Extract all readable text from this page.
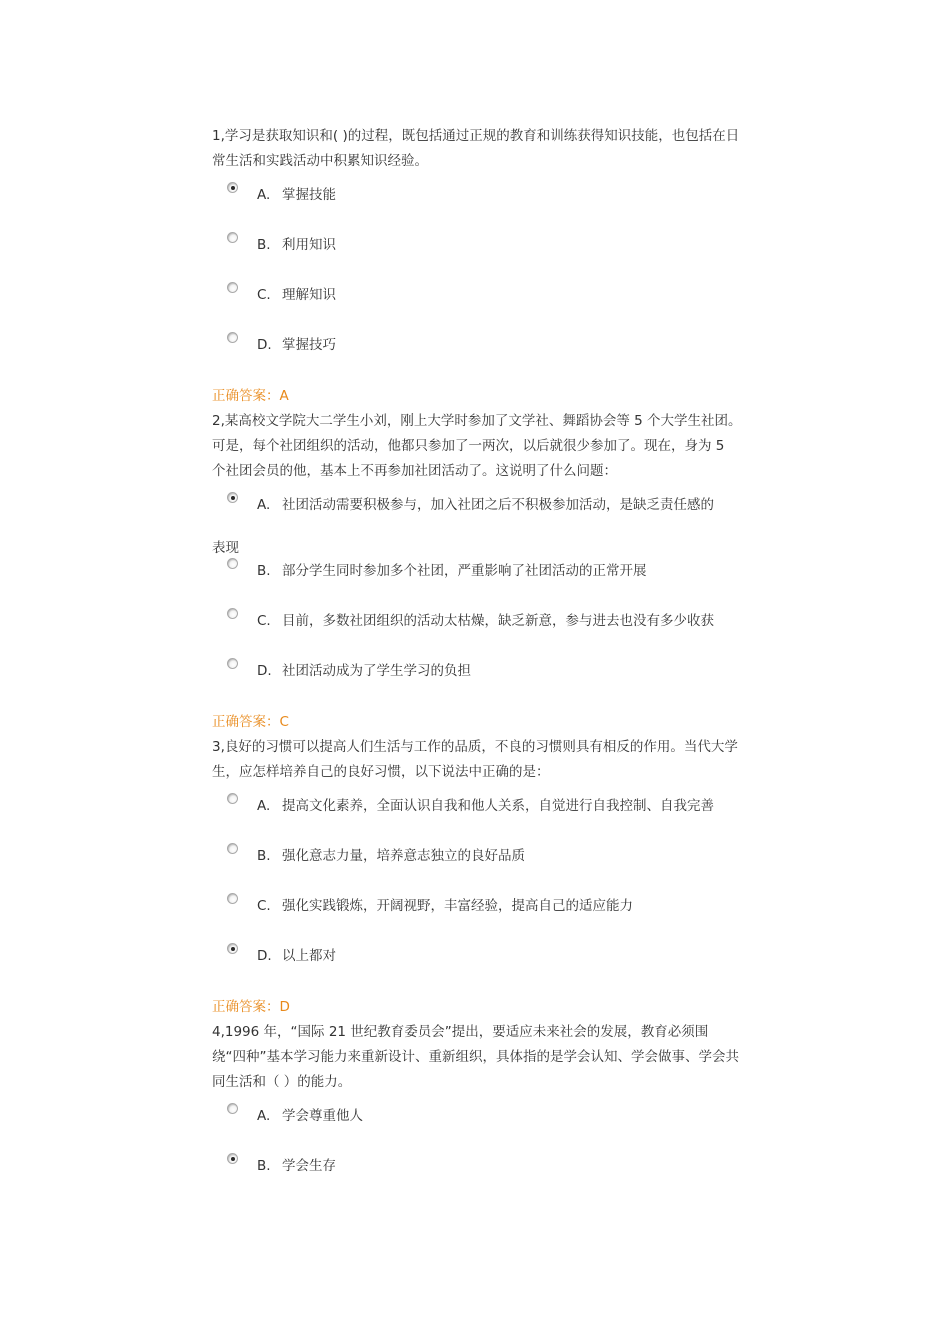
1,学习是获取知识和( )的过程，既包括通过正规的教育和训练获得知识技能，也包括在日常生活和实践活动中积累知识经验。

A. 掌握技能
B. 利用知识
C. 理解知识
D. 掌握技巧

正确答案：A

2,某高校文学院大二学生小刘，刚上大学时参加了文学社、舞蹈协会等 5 个大学生社团。可是，每个社团组织的活动，他都只参加了一两次，以后就很少参加了。现在，身为 5 个社团会员的他，基本上不再参加社团活动了。这说明了什么问题：

A. 社团活动需要积极参与，加入社团之后不积极参加活动，是缺乏责任感的
表现
B. 部分学生同时参加多个社团，严重影响了社团活动的正常开展
C. 目前，多数社团组织的活动太枯燥，缺乏新意，参与进去也没有多少收获
D. 社团活动成为了学生学习的负担

正确答案：C

3,良好的习惯可以提高人们生活与工作的品质，不良的习惯则具有相反的作用。当代大学生，应怎样培养自己的良好习惯，以下说法中正确的是：

A. 提高文化素养，全面认识自我和他人关系，自觉进行自我控制、自我完善
B. 强化意志力量，培养意志独立的良好品质
C. 强化实践锻炼，开阔视野，丰富经验，提高自己的适应能力
D. 以上都对

正确答案：D

4,1996 年，“国际 21 世纪教育委员会”提出，要适应未来社会的发展，教育必须围绕“四种”基本学习能力来重新设计、重新组织，具体指的是学会认知、学会做事、学会共同生活和（ ）的能力。

A. 学会尊重他人
B. 学会生存
